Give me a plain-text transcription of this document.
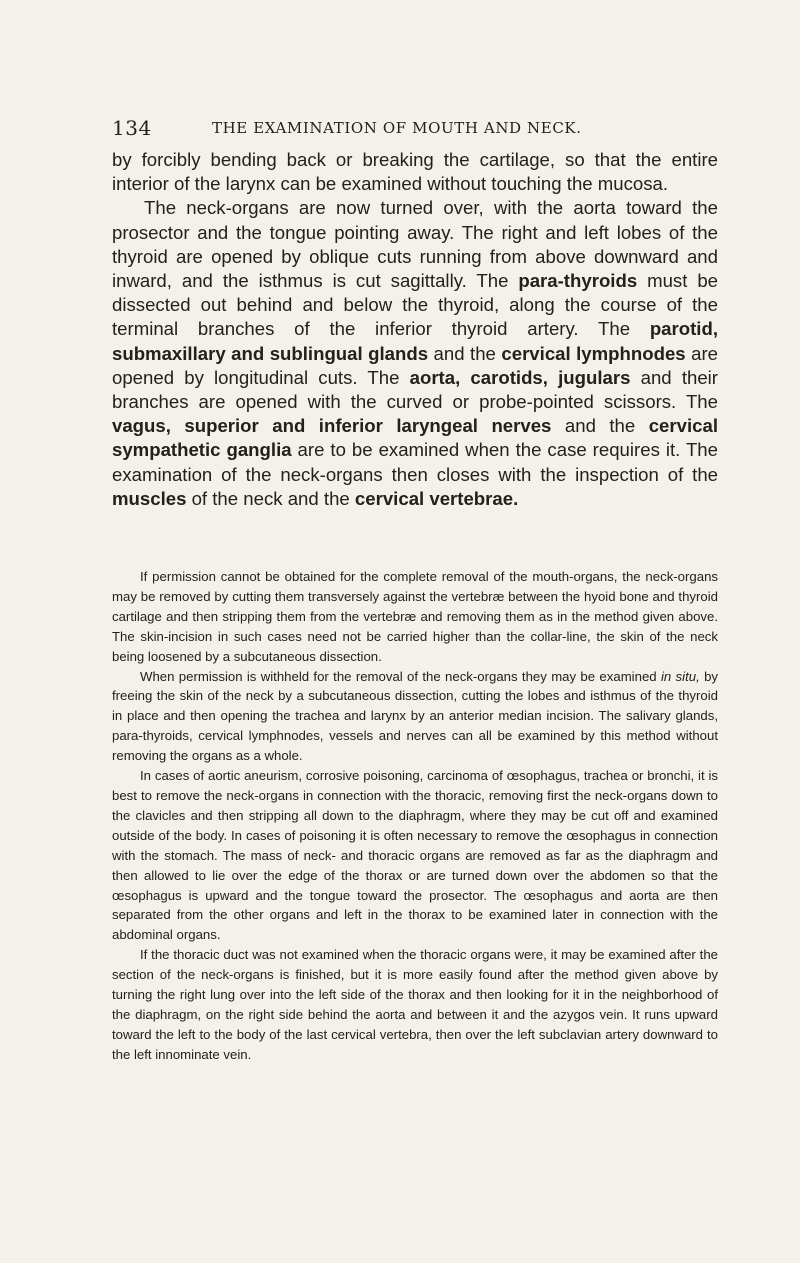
134	THE EXAMINATION OF MOUTH AND NECK.

by forcibly bending back or breaking the cartilage, so that the entire interior of the larynx can be examined without touching the mucosa.

The neck-organs are now turned over, with the aorta toward the prosector and the tongue pointing away. The right and left lobes of the thyroid are opened by oblique cuts running from above downward and inward, and the isthmus is cut sagittally. The para-thyroids must be dissected out behind and below the thyroid, along the course of the terminal branches of the inferior thyroid artery. The parotid, submaxillary and sublingual glands and the cervical lymphnodes are opened by longitudinal cuts. The aorta, carotids, jugulars and their branches are opened with the curved or probe-pointed scissors. The vagus, superior and inferior laryngeal nerves and the cervical sympathetic ganglia are to be examined when the case requires it. The examination of the neck-organs then closes with the inspection of the muscles of the neck and the cervical vertebrae.

If permission cannot be obtained for the complete removal of the mouth-organs, the neck-organs may be removed by cutting them transversely against the vertebræ between the hyoid bone and thyroid cartilage and then stripping them from the vertebræ and removing them as in the method given above. The skin-incision in such cases need not be carried higher than the collar-line, the skin of the neck being loosened by a subcutaneous dissection.

When permission is withheld for the removal of the neck-organs they may be examined in situ, by freeing the skin of the neck by a subcutaneous dissection, cutting the lobes and isthmus of the thyroid in place and then opening the trachea and larynx by an anterior median incision. The salivary glands, para-thyroids, cervical lymphnodes, vessels and nerves can all be examined by this method without removing the organs as a whole.

In cases of aortic aneurism, corrosive poisoning, carcinoma of œsophagus, trachea or bronchi, it is best to remove the neck-organs in connection with the thoracic, removing first the neck-organs down to the clavicles and then stripping all down to the diaphragm, where they may be cut off and examined outside of the body. In cases of poisoning it is often necessary to remove the œsophagus in connection with the stomach. The mass of neck- and thoracic organs are removed as far as the diaphragm and then allowed to lie over the edge of the thorax or are turned down over the abdomen so that the œsophagus is upward and the tongue toward the prosector. The œsophagus and aorta are then separated from the other organs and left in the thorax to be examined later in connection with the abdominal organs.

If the thoracic duct was not examined when the thoracic organs were, it may be examined after the section of the neck-organs is finished, but it is more easily found after the method given above by turning the right lung over into the left side of the thorax and then looking for it in the neighborhood of the diaphragm, on the right side behind the aorta and between it and the azygos vein. It runs upward toward the left to the body of the last cervical vertebra, then over the left subclavian artery downward to the left innominate vein.
